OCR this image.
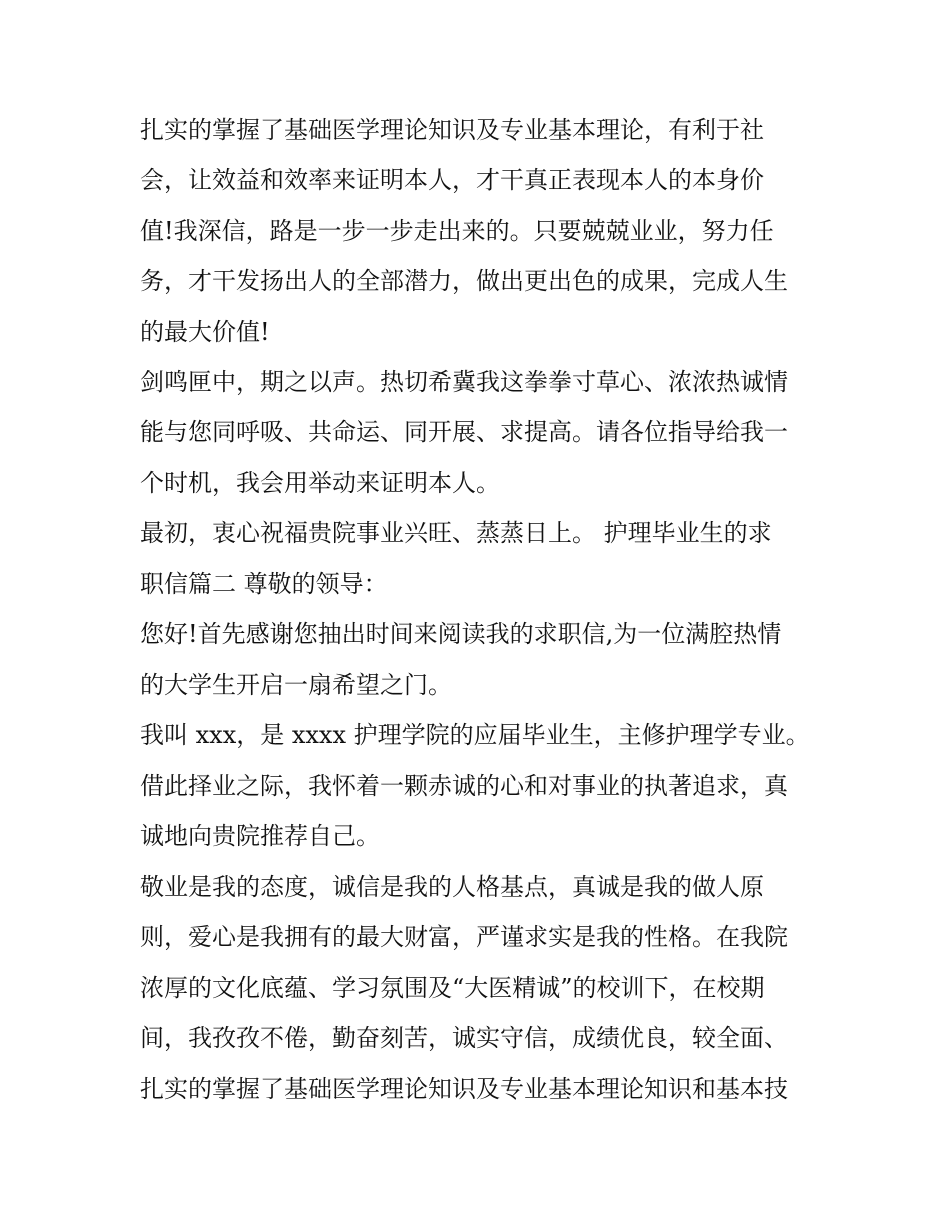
扎实的掌握了基础医学理论知识及专业基本理论，有利于社
会，让效益和效率来证明本人，才干真正表现本人的本身价
值!我深信，路是一步一步走出来的。只要兢兢业业，努力任
务，才干发扬出人的全部潜力，做出更出色的成果，完成人生
的最大价值!
剑鸣匣中，期之以声。热切希冀我这拳拳寸草心、浓浓热诚情
能与您同呼吸、共命运、同开展、求提高。请各位指导给我一
个时机，我会用举动来证明本人。
最初，衷心祝福贵院事业兴旺、蒸蒸日上。 护理毕业生的求
职信篇二 尊敬的领导：
您好!首先感谢您抽出时间来阅读我的求职信,为一位满腔热情
的大学生开启一扇希望之门。
我叫 xxx，是 xxxx 护理学院的应届毕业生，主修护理学专业。
借此择业之际，我怀着一颗赤诚的心和对事业的执著追求，真
诚地向贵院推荐自己。
敬业是我的态度，诚信是我的人格基点，真诚是我的做人原
则，爱心是我拥有的最大财富，严谨求实是我的性格。在我院
浓厚的文化底蕴、学习氛围及“大医精诚”的校训下，在校期
间，我孜孜不倦，勤奋刻苦，诚实守信，成绩优良，较全面、
扎实的掌握了基础医学理论知识及专业基本理论知识和基本技
